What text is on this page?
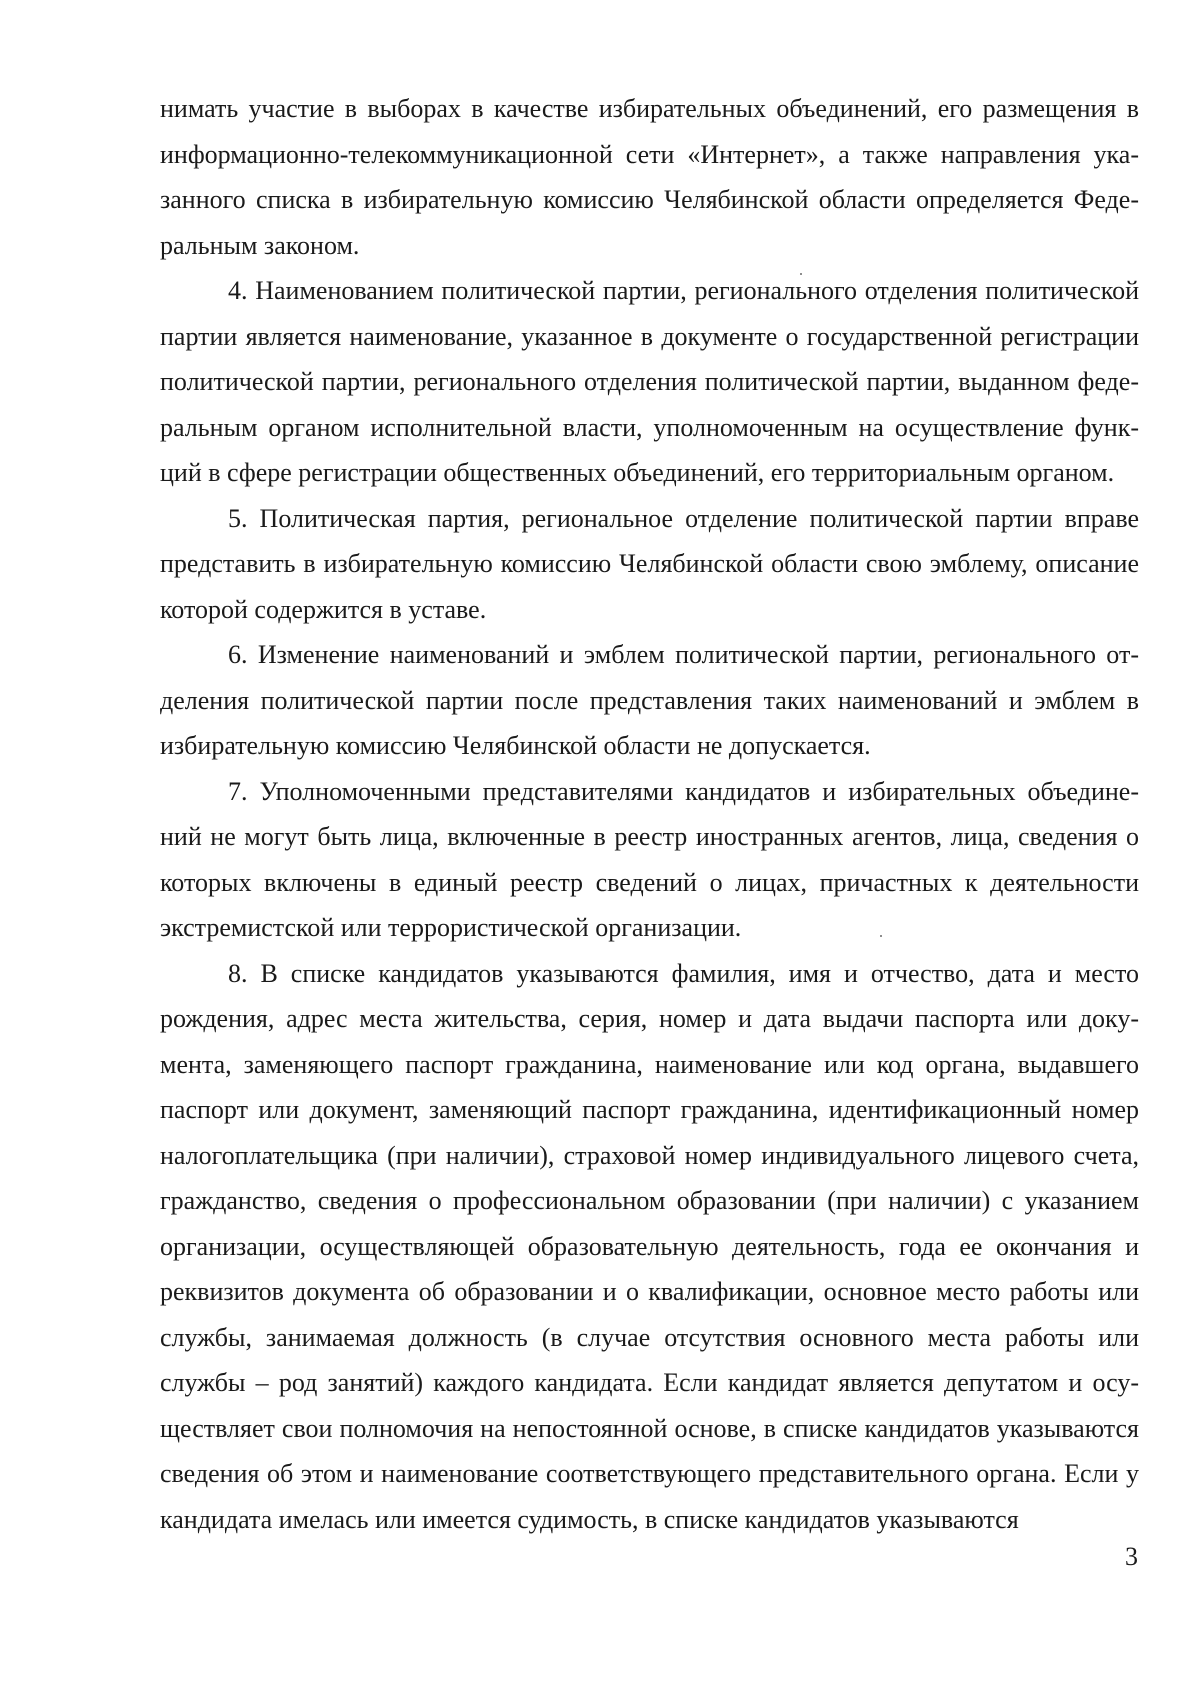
нимать участие в выборах в качестве избирательных объединений, его размещения в информационно-телекоммуникационной сети «Интернет», а также направления указанного списка в избирательную комиссию Челябинской области определяется Федеральным законом.

4. Наименованием политической партии, регионального отделения политической партии является наименование, указанное в документе о государственной регистрации политической партии, регионального отделения политической партии, выданном федеральным органом исполнительной власти, уполномоченным на осуществление функций в сфере регистрации общественных объединений, его территориальным органом.

5. Политическая партия, региональное отделение политической партии вправе представить в избирательную комиссию Челябинской области свою эмблему, описание которой содержится в уставе.

6. Изменение наименований и эмблем политической партии, регионального отделения политической партии после представления таких наименований и эмблем в избирательную комиссию Челябинской области не допускается.

7. Уполномоченными представителями кандидатов и избирательных объединений не могут быть лица, включенные в реестр иностранных агентов, лица, сведения о которых включены в единый реестр сведений о лицах, причастных к деятельности экстремистской или террористической организации.

8. В списке кандидатов указываются фамилия, имя и отчество, дата и место рождения, адрес места жительства, серия, номер и дата выдачи паспорта или документа, заменяющего паспорт гражданина, наименование или код органа, выдавшего паспорт или документ, заменяющий паспорт гражданина, идентификационный номер налогоплательщика (при наличии), страховой номер индивидуального лицевого счета, гражданство, сведения о профессиональном образовании (при наличии) с указанием организации, осуществляющей образовательную деятельность, года ее окончания и реквизитов документа об образовании и о квалификации, основное место работы или службы, занимаемая должность (в случае отсутствия основного места работы или службы – род занятий) каждого кандидата. Если кандидат является депутатом и осуществляет свои полномочия на непостоянной основе, в списке кандидатов указываются сведения об этом и наименование соответствующего представительного органа. Если у кандидата имелась или имеется судимость, в списке кандидатов указываются

3
